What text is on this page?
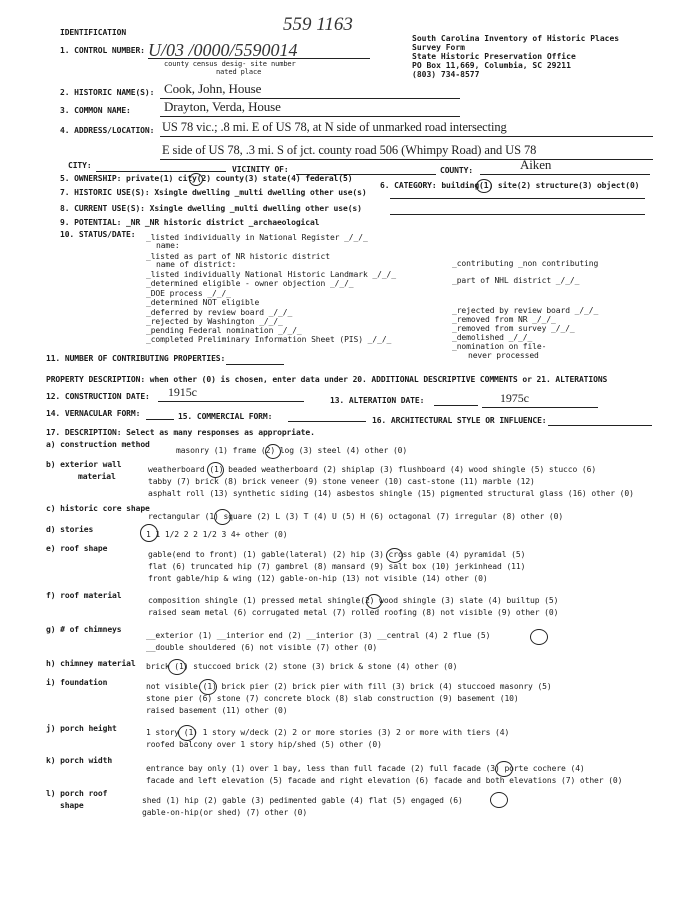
559 1163
IDENTIFICATION
South Carolina Inventory of Historic Places
Survey Form
State Historic Preservation Office
PO Box 11,669, Columbia, SC 29211
(803) 734-8577
1. CONTROL NUMBER: U/03 /0000/5590014
county census desig- site number
nated place
2. HISTORIC NAME(S): Cook, John, House
3. COMMON NAME:	Drayton, Verda, House
4. ADDRESS/LOCATION: US 78 vic.; .8 mi. E of US 78, at N side of unmarked road intersecting
E side of US 78, .3 mi. S of jct. county road 506 (Whimpy Road) and US 78
CITY:	VICINITY OF:	COUNTY:	Aiken
5. OWNERSHIP: private(1) city(2) county(3) state(4) federal(5)
6. CATEGORY: building(1) site(2) structure(3) object(0)
7. HISTORIC USE(S): Xsingle dwelling _multi dwelling other use(s)
8. CURRENT USE(S): Xsingle dwelling _multi dwelling other use(s)
9. POTENTIAL: _NR _NR historic district _archaeological
10. STATUS/DATE: _listed individually in National Register _/_/_
name:
_listed as part of NR historic district
name of district:
_listed individually National Historic Landmark _/_/_
_determined eligible - owner objection _/_/_
_DOE process _/_/_
_determined NOT eligible
_deferred by review board _/_/_
_rejected by Washington _/_/_
_pending Federal nomination _/_/_
_completed Preliminary Information Sheet (PIS) _/_/_
_contributing _non contributing
_part of NHL district _/_/_
_rejected by review board _/_/_
_removed from NR _/_/_
_removed from survey _/_/_
_demolished _/_/_
_nomination on file-
never processed
11. NUMBER OF CONTRIBUTING PROPERTIES:
PROPERTY DESCRIPTION: when other (0) is chosen, enter data under 20. ADDITIONAL DESCRIPTIVE COMMENTS or 21. ALTERATIONS
12. CONSTRUCTION DATE: 1915c
13. ALTERATION DATE:	1975c
14. VERNACULAR FORM:	15. COMMERCIAL FORM:	16. ARCHITECTURAL STYLE OR INFLUENCE:
17. DESCRIPTION: Select as many responses as appropriate.
a) construction method
masonry (1) frame (2) log (3) steel (4) other (0)
b) exterior wall
material
weatherboard (1) beaded weatherboard (2) shiplap (3) flushboard (4) wood shingle (5) stucco (6)
tabby (7) brick (8) brick veneer (9) stone veneer (10) cast-stone (11) marble (12)
asphalt roll (13) synthetic siding (14) asbestos shingle (15) pigmented structural glass (16) other (0)
c) historic core shape
rectangular (1) square (2) L (3) T (4) U (5) H (6) octagonal (7) irregular (8) other (0)
d) stories
1 1 1/2 2 2 1/2 3 4+ other (0)
e) roof shape
gable(end to front) (1) gable(lateral) (2) hip (3) cross gable (4) pyramidal (5)
flat (6) truncated hip (7) gambrel (8) mansard (9) salt box (10) jerkinhead (11)
front gable/hip & wing (12) gable-on-hip (13) not visible (14) other (0)
f) roof material
composition shingle (1) pressed metal shingle(2) wood shingle (3) slate (4) builtup (5)
raised seam metal (6) corrugated metal (7) rolled roofing (8) not visible (9) other (0)
g) # of chimneys
__exterior (1) __interior end (2) __interior (3) __central (4) 2 flue (5)
__double shouldered (6) not visible (7) other (0)
h) chimney material brick (1) stuccoed brick (2) stone (3) brick & stone (4) other (0)
i) foundation	not visible (1) brick pier (2) brick pier with fill (3) brick (4) stuccoed masonry (5)
stone pier (6) stone (7) concrete block (8) slab construction (9) basement (10)
raised basement (11) other (0)
j) porch height	1 story (1) 1 story w/deck (2) 2 or more stories (3) 2 or more with tiers (4)
roofed balcony over 1 story hip/shed (5) other (0)
k) porch width
entrance bay only (1) over 1 bay, less than full facade (2) full facade (3) porte cochere (4)
facade and left elevation (5) facade and right elevation (6) facade and both elevations (7) other (0)
l) porch roof
shape
shed (1) hip (2) gable (3) pedimented gable (4) flat (5) engaged (6)
gable-on-hip(or shed) (7) other (0)
